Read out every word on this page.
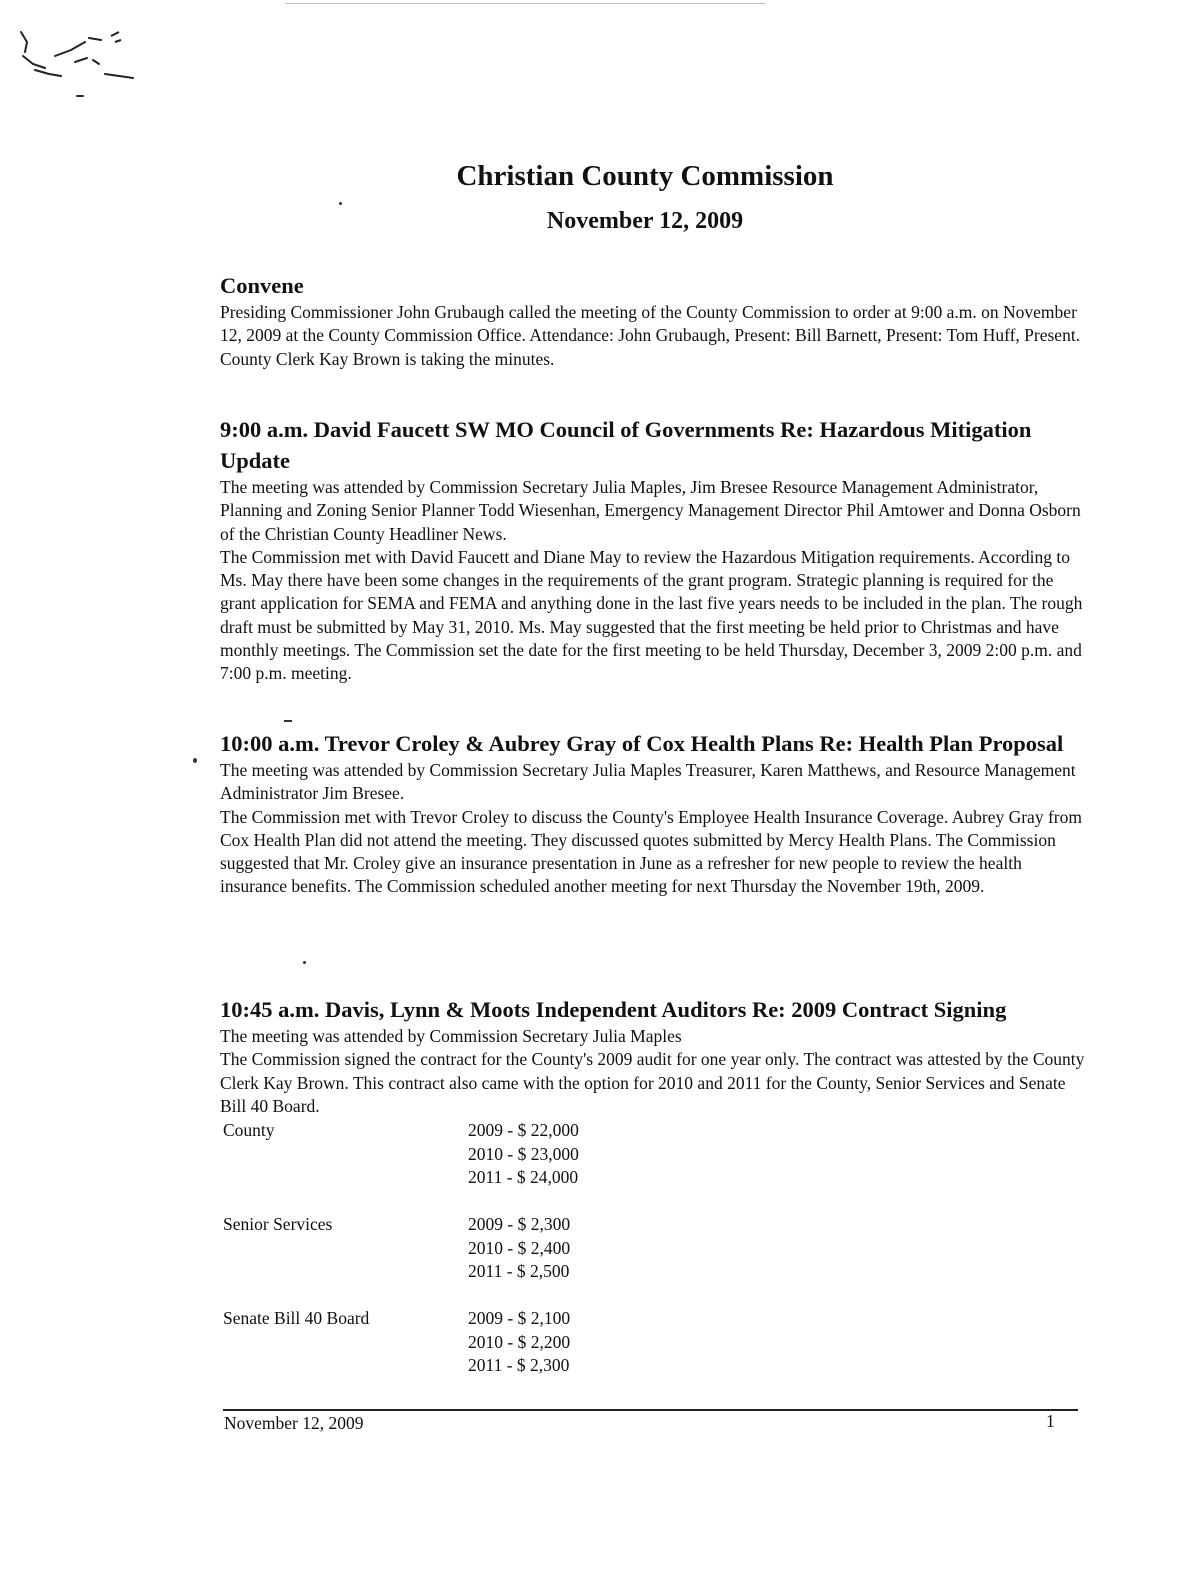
Christian County Commission
November 12, 2009
Convene

Presiding Commissioner John Grubaugh called the meeting of the County Commission to order at 9:00 a.m. on November 12, 2009 at the County Commission Office. Attendance: John Grubaugh, Present: Bill Barnett, Present: Tom Huff, Present. County Clerk Kay Brown is taking the minutes.

9:00 a.m. David Faucett SW MO Council of Governments Re: Hazardous Mitigation Update

The meeting was attended by Commission Secretary Julia Maples, Jim Bresee Resource Management Administrator, Planning and Zoning Senior Planner Todd Wiesenhan, Emergency Management Director Phil Amtower and Donna Osborn of the Christian County Headliner News.

The Commission met with David Faucett and Diane May to review the Hazardous Mitigation requirements. According to Ms. May there have been some changes in the requirements of the grant program. Strategic planning is required for the grant application for SEMA and FEMA and anything done in the last five years needs to be included in the plan. The rough draft must be submitted by May 31, 2010. Ms. May suggested that the first meeting be held prior to Christmas and have monthly meetings. The Commission set the date for the first meeting to be held Thursday, December 3, 2009 2:00 p.m. and 7:00 p.m. meeting.

10:00 a.m. Trevor Croley & Aubrey Gray of Cox Health Plans Re: Health Plan Proposal

The meeting was attended by Commission Secretary Julia Maples Treasurer, Karen Matthews, and Resource Management Administrator Jim Bresee.

The Commission met with Trevor Croley to discuss the County's Employee Health Insurance Coverage. Aubrey Gray from Cox Health Plan did not attend the meeting. They discussed quotes submitted by Mercy Health Plans. The Commission suggested that Mr. Croley give an insurance presentation in June as a refresher for new people to review the health insurance benefits. The Commission scheduled another meeting for next Thursday the November 19th, 2009.

10:45 a.m. Davis, Lynn & Moots Independent Auditors Re: 2009 Contract Signing

The meeting was attended by Commission Secretary Julia Maples

The Commission signed the contract for the County's 2009 audit for one year only. The contract was attested by the County Clerk Kay Brown. This contract also came with the option for 2010 and 2011 for the County, Senior Services and Senate Bill 40 Board.

County	2009 - $ 22,000
2010 - $ 23,000
2011 - $ 24,000
Senior Services	2009 - $ 2,300
2010 - $ 2,400
2011 - $ 2,500
Senate Bill 40 Board	2009 - $ 2,100
2010 - $ 2,200
2011 - $ 2,300
November 12, 2009	1
